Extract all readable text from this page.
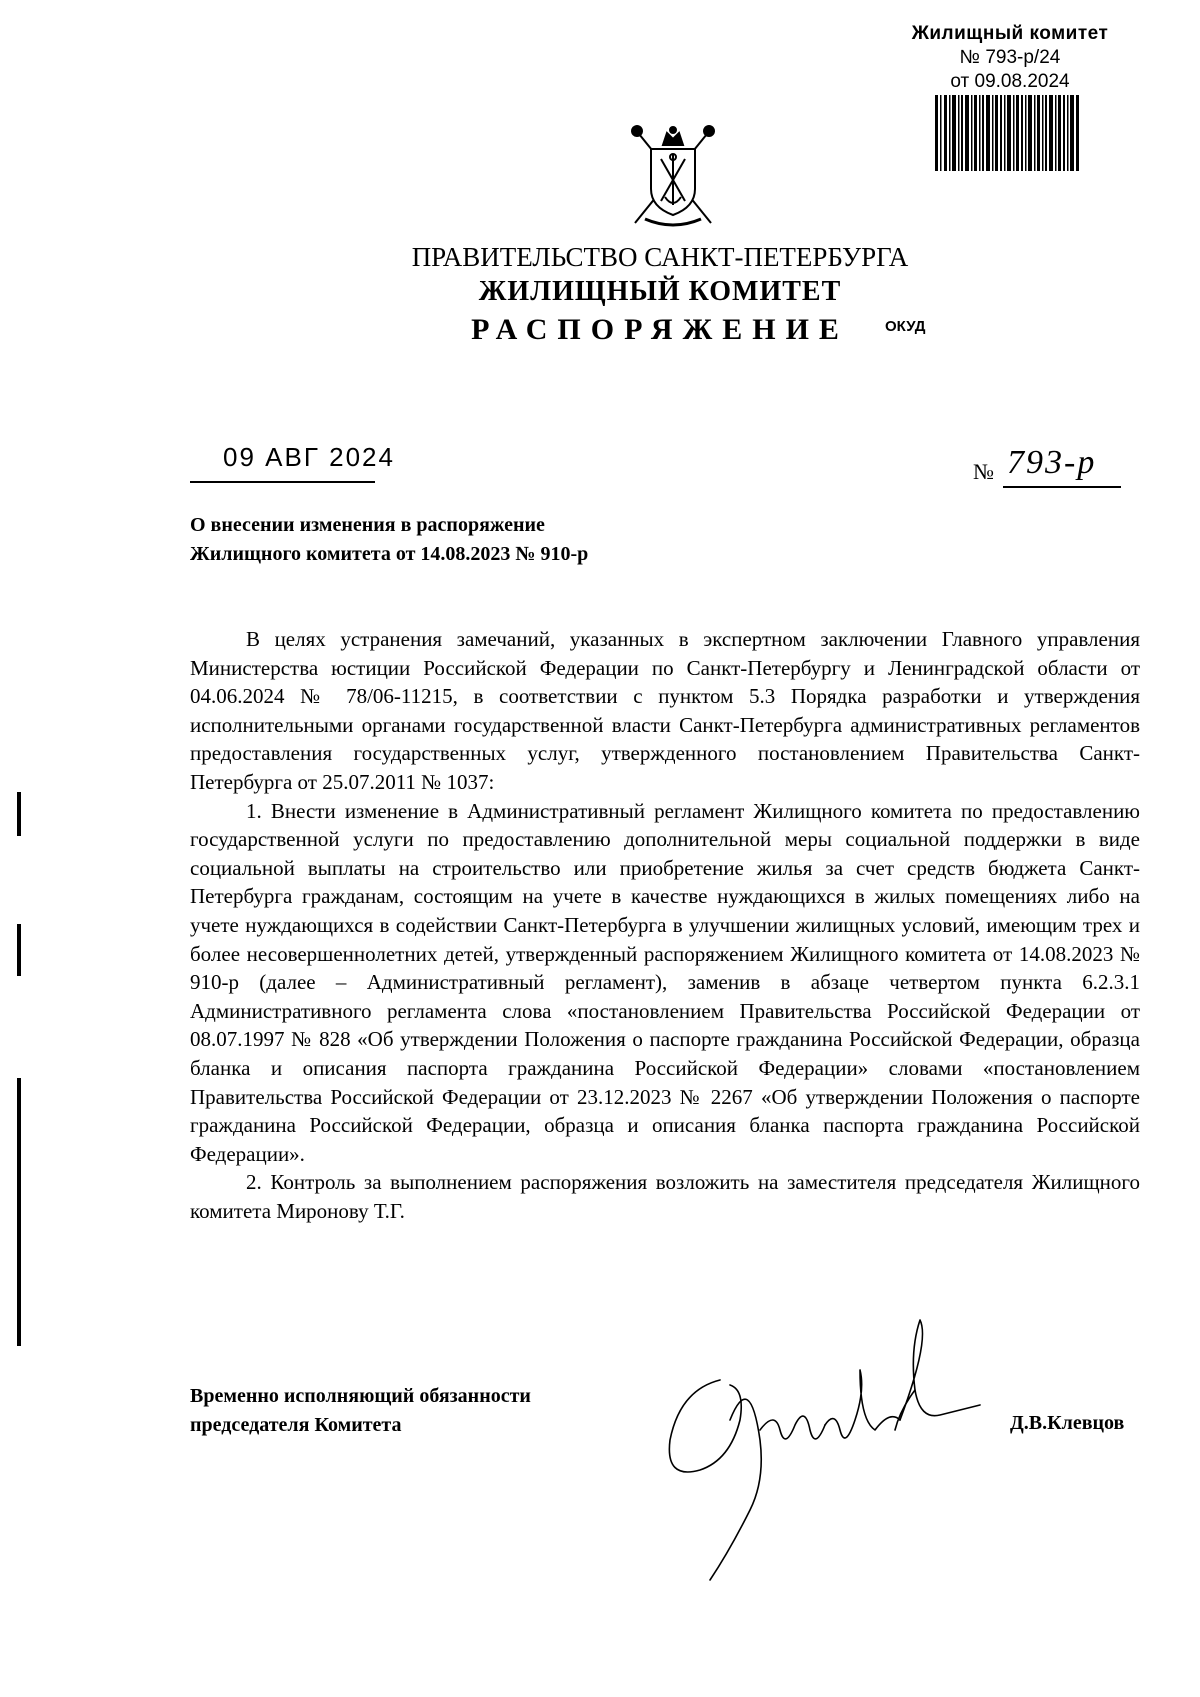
Жилищный комитет
№ 793-р/24
от 09.08.2024
ПРАВИТЕЛЬСТВО САНКТ-ПЕТЕРБУРГА
ЖИЛИЩНЫЙ КОМИТЕТ
РАСПОРЯЖЕНИЕ	ОКУД
09 АВГ 2024	№ 793-р
О внесении изменения в распоряжение
Жилищного комитета от 14.08.2023 № 910-р

В целях устранения замечаний, указанных в экспертном заключении Главного управления Министерства юстиции Российской Федерации по Санкт-Петербургу и Ленинградской области от 04.06.2024 № 78/06-11215, в соответствии с пунктом 5.3 Порядка разработки и утверждения исполнительными органами государственной власти Санкт-Петербурга административных регламентов предоставления государственных услуг, утвержденного постановлением Правительства Санкт-Петербурга от 25.07.2011 № 1037:

1. Внести изменение в Административный регламент Жилищного комитета по предоставлению государственной услуги по предоставлению дополнительной меры социальной поддержки в виде социальной выплаты на строительство или приобретение жилья за счет средств бюджета Санкт-Петербурга гражданам, состоящим на учете в качестве нуждающихся в жилых помещениях либо на учете нуждающихся в содействии Санкт-Петербурга в улучшении жилищных условий, имеющим трех и более несовершеннолетних детей, утвержденный распоряжением Жилищного комитета от 14.08.2023 № 910-р (далее – Административный регламент), заменив в абзаце четвертом пункта 6.2.3.1 Административного регламента слова «постановлением Правительства Российской Федерации от 08.07.1997 № 828 «Об утверждении Положения о паспорте гражданина Российской Федерации, образца бланка и описания паспорта гражданина Российской Федерации» словами «постановлением Правительства Российской Федерации от 23.12.2023 № 2267 «Об утверждении Положения о паспорте гражданина Российской Федерации, образца и описания бланка паспорта гражданина Российской Федерации».

2. Контроль за выполнением распоряжения возложить на заместителя председателя Жилищного комитета Миронову Т.Г.

Временно исполняющий обязанности
председателя Комитета	Д.В.Клевцов
